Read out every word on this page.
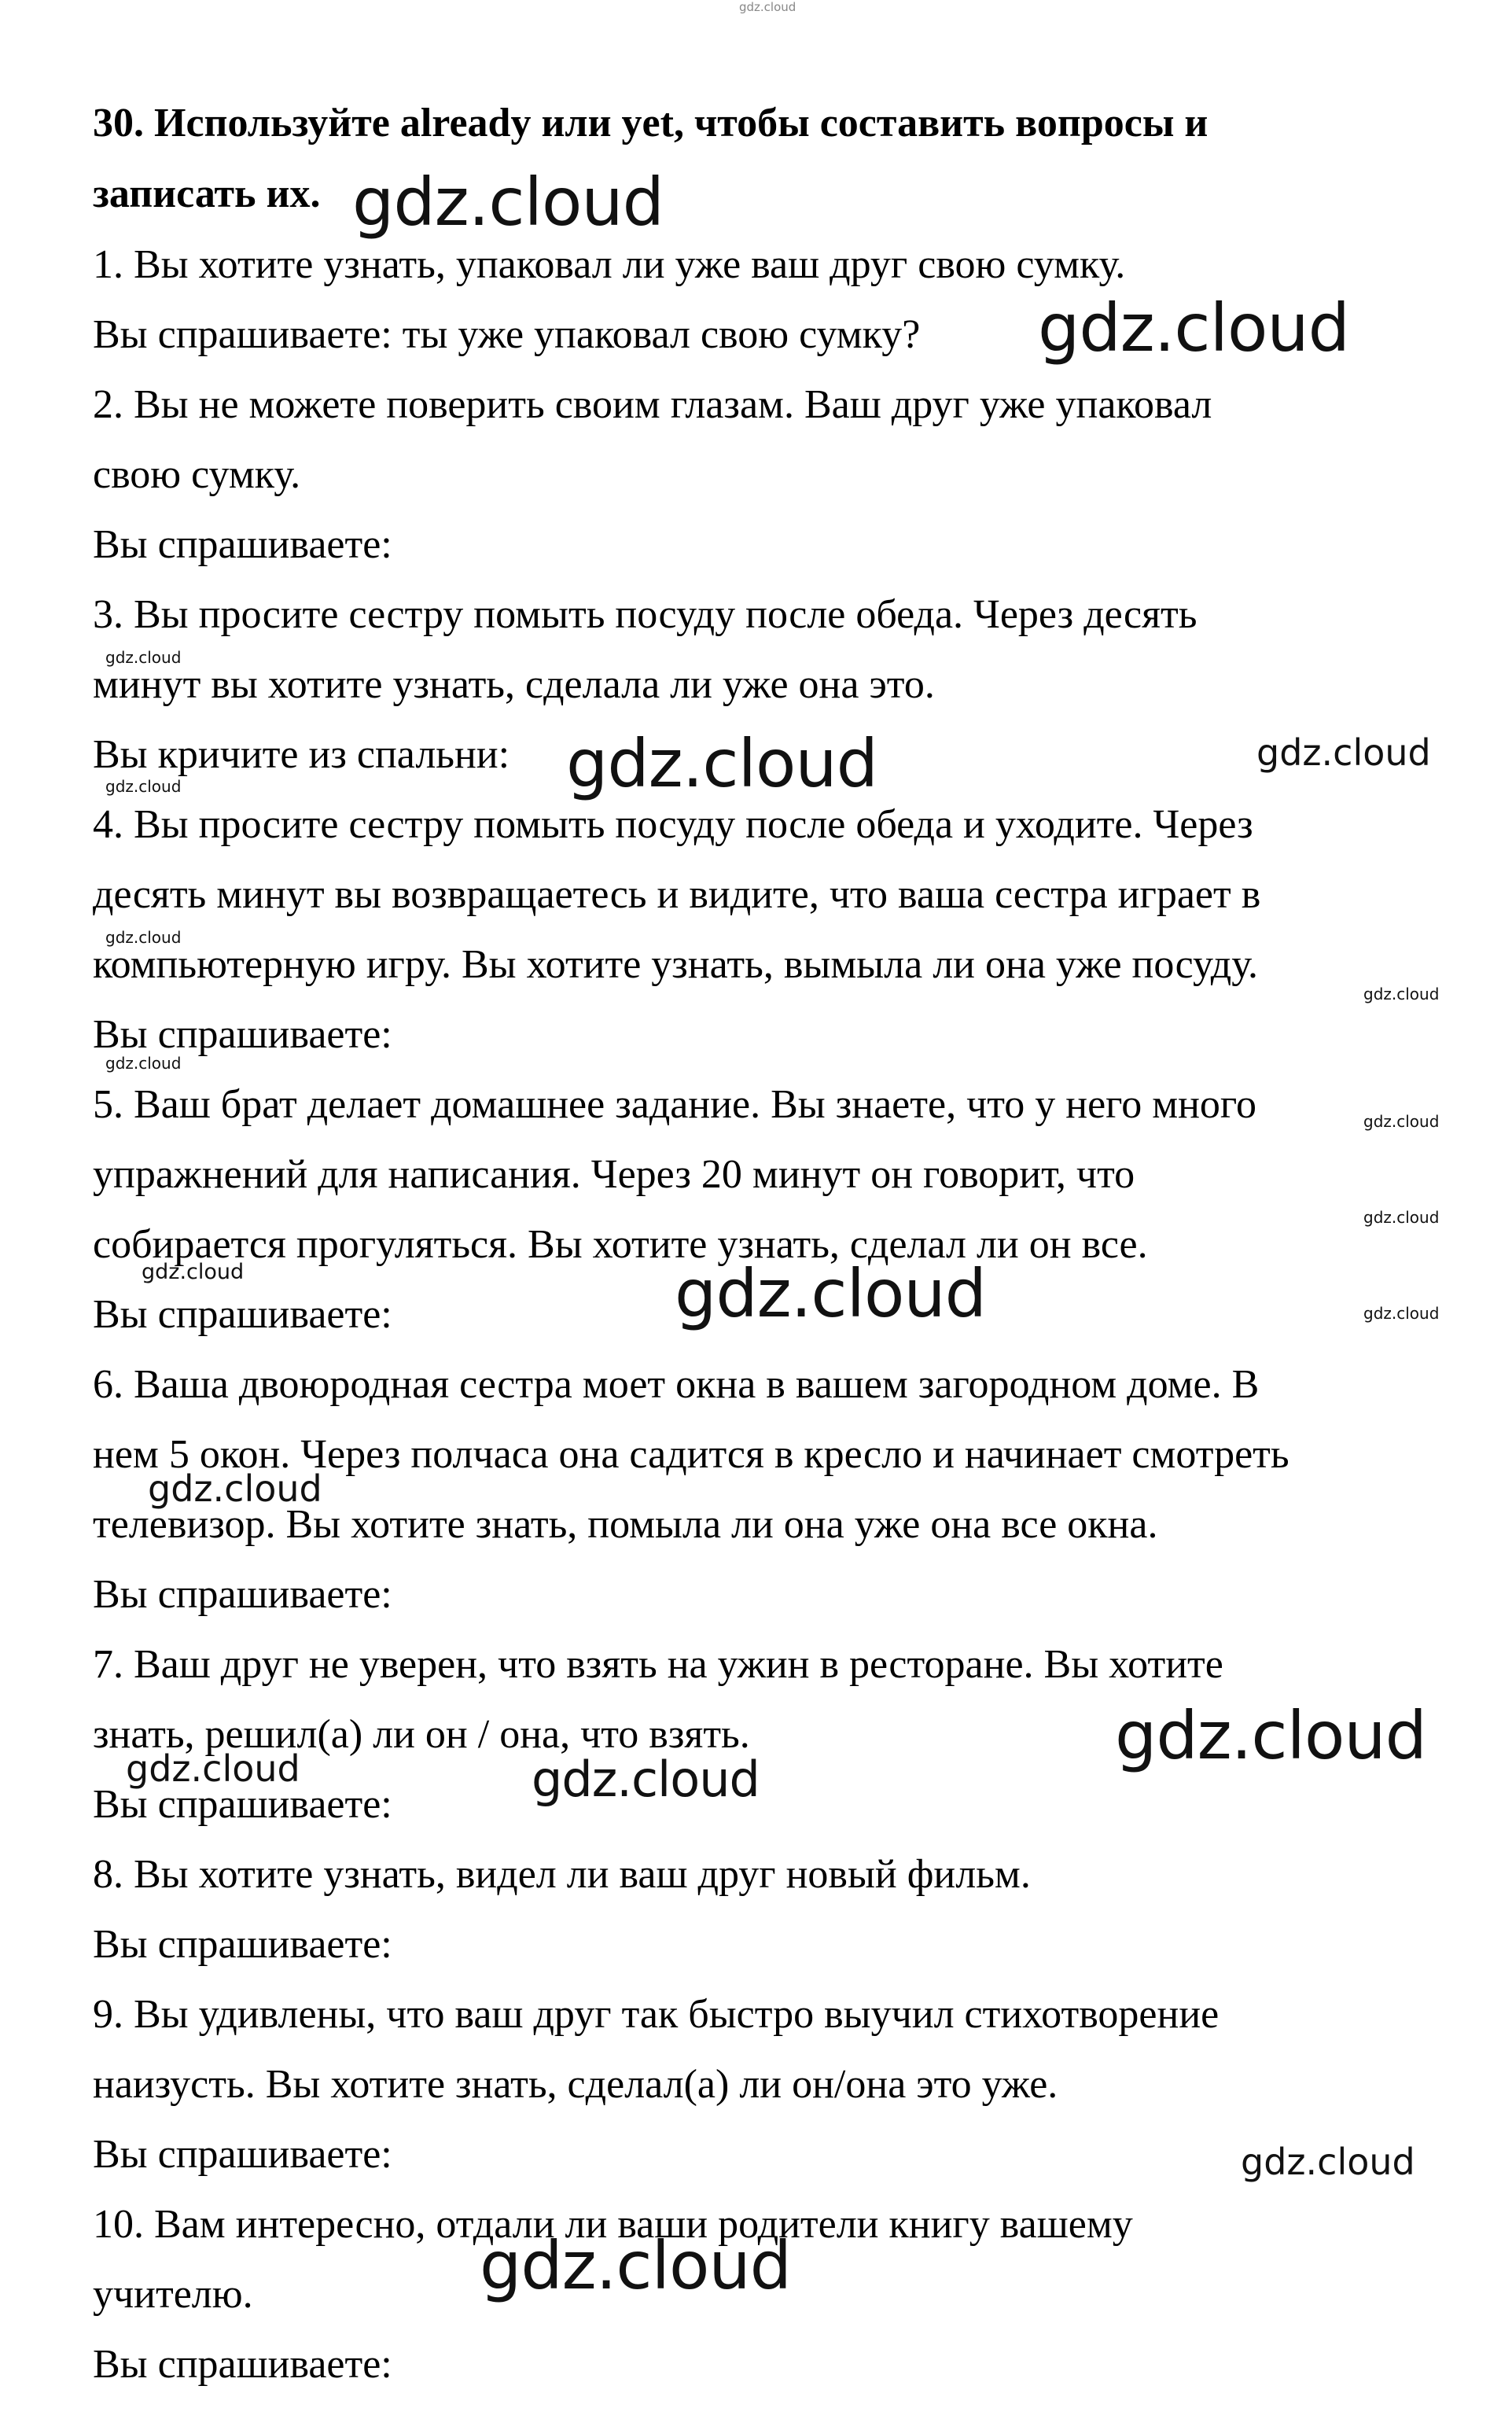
gdz.cloud

30. Используйте already или yet, чтобы составить вопросы и

записать их.

1. Вы хотите узнать, упаковал ли уже ваш друг свою сумку.

Вы спрашиваете: ты уже упаковал свою сумку?

2. Вы не можете поверить своим глазам. Ваш друг уже упаковал

свою сумку.

Вы спрашиваете:

3. Вы просите сестру помыть посуду после обеда. Через десять

минут вы хотите узнать, сделала ли уже она это.

Вы кричите из спальни:

4. Вы просите сестру помыть посуду после обеда и уходите. Через

десять минут вы возвращаетесь и видите, что ваша сестра играет в

компьютерную игру. Вы хотите узнать, вымыла ли она уже посуду.

Вы спрашиваете:

5. Ваш брат делает домашнее задание. Вы знаете, что у него много

упражнений для написания. Через 20 минут он говорит, что

собирается прогуляться. Вы хотите узнать, сделал ли он все.

Вы спрашиваете:

6. Ваша двоюродная сестра моет окна в вашем загородном доме. В

нем 5 окон. Через полчаса она садится в кресло и начинает смотреть

телевизор. Вы хотите знать, помыла ли она уже она все окна.

Вы спрашиваете:

7. Ваш друг не уверен, что взять на ужин в ресторане. Вы хотите

знать, решил(а) ли он / она, что взять.

Вы спрашиваете:

8. Вы хотите узнать, видел ли ваш друг новый фильм.

Вы спрашиваете:

9. Вы удивлены, что ваш друг так быстро выучил стихотворение

наизусть. Вы хотите знать, сделал(а) ли он/она это уже.

Вы спрашиваете:

10. Вам интересно, отдали ли ваши родители книгу вашему

учителю.

Вы спрашиваете:

gdz.cloud
gdz.cloud
gdz.cloud
gdz.cloud	gdz.cloud
gdz.cloud
gdz.cloud
gdz.cloud
gdz.cloud
gdz.cloud
gdz.cloud
gdz.cloud	gdz.cloud	gdz.cloud
gdz.cloud
gdz.cloud
gdz.cloud	gdz.cloud
gdz.cloud
gdz.cloud
